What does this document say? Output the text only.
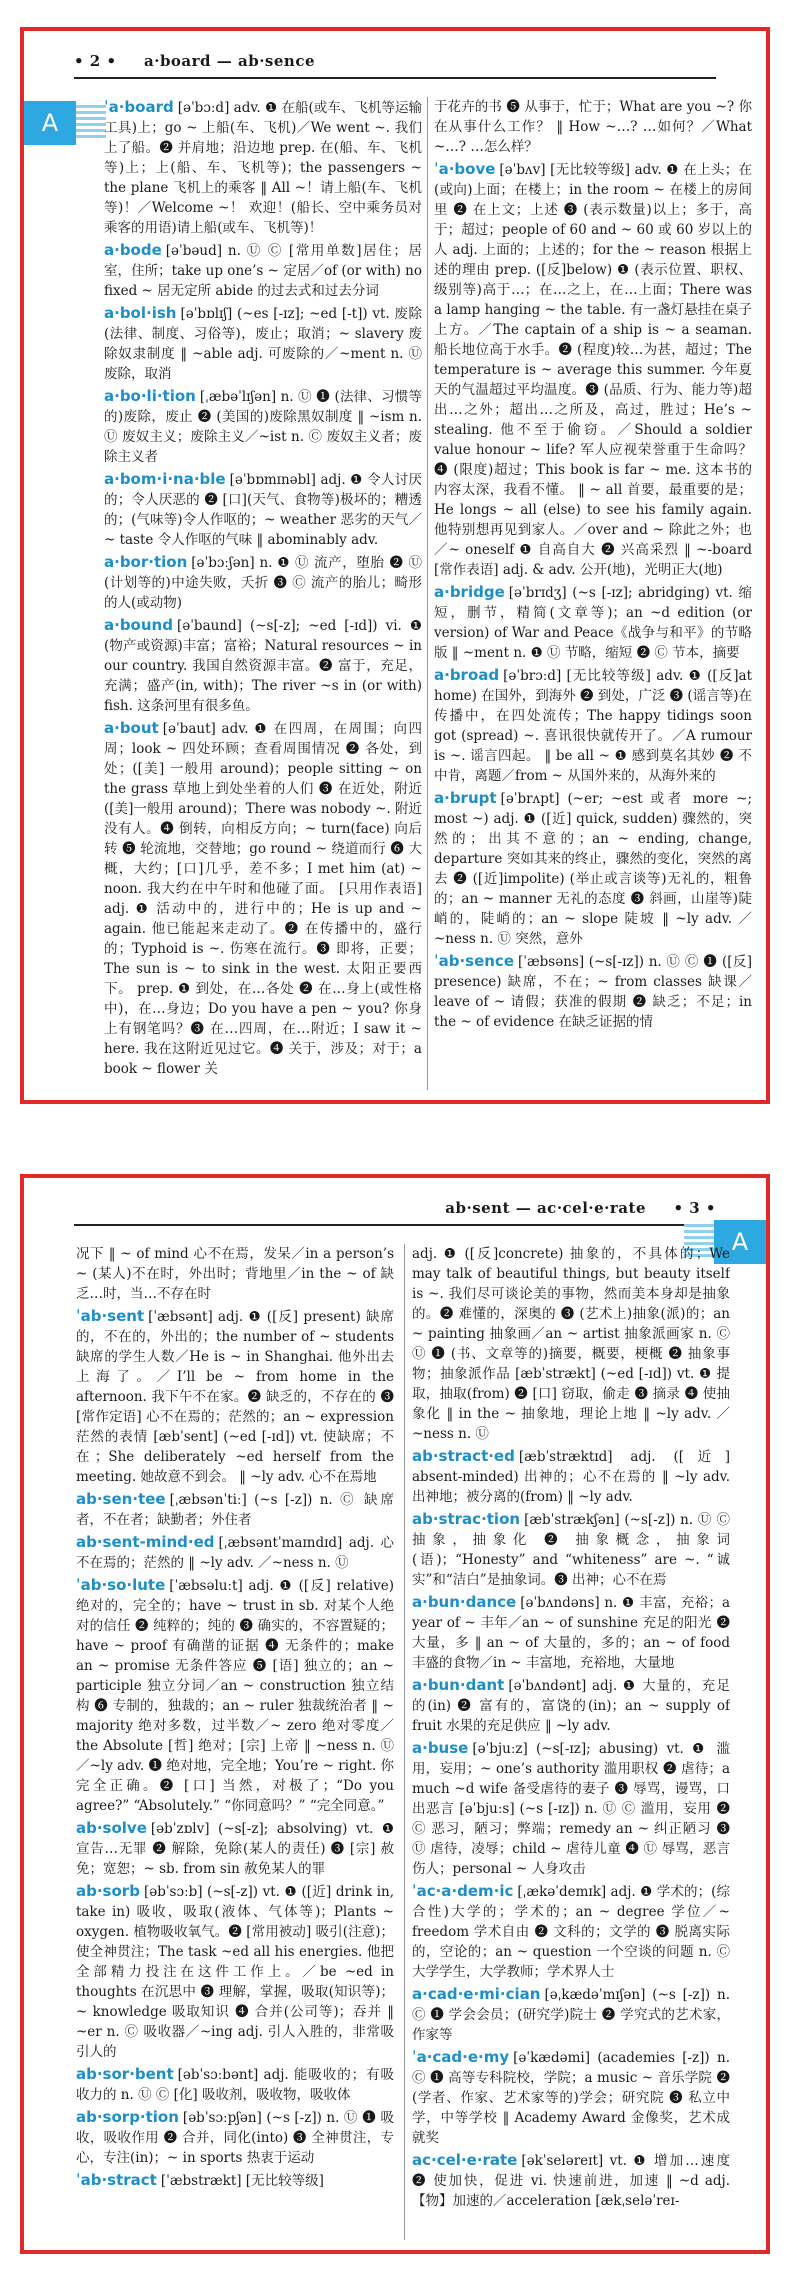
• 2 • a·board — ab·sence
A

ˈa·board [əˈbɔːd] adv. ❶ 在船(或车、飞机等运输工具)上；go ~ 上船(车、飞机)／We went ~. 我们上了船。❷ 并肩地；沿边地 prep. 在(船、车、飞机等)上；上(船、车、飞机等)；the passengers ~ the plane 飞机上的乘客 ‖ All ~！请上船(车、飞机等)！／Welcome ~！ 欢迎！(船长、空中乘务员对乘客的用语)请上船(或车、飞机等)！

a·bode [əˈbəud] n. Ⓤ Ⓒ [常用单数]居住；居室，住所；take up one’s ~ 定居／of (or with) no fixed ~ 居无定所 abide 的过去式和过去分词

a·bol·ish [əˈbɒlɪʃ] (~es [-ɪz]; ~ed [-t]) vt. 废除(法律、制度、习俗等)，废止；取消；~ slavery 废除奴隶制度 ‖ ~able adj. 可废除的／~ment n. Ⓤ 废除，取消

a·bo·li·tion [ˌæbəˈlɪʃən] n. Ⓤ ❶ (法律、习惯等的)废除，废止 ❷ (美国的)废除黑奴制度 ‖ ~ism n. Ⓤ 废奴主义；废除主义／~ist n. Ⓒ 废奴主义者；废除主义者

a·bom·i·na·ble [əˈbɒmɪnəbl] adj. ❶ 令人讨厌的；令人厌恶的 ❷ [口](天气、食物等)极坏的；糟透的；(气味等)令人作呕的；~ weather 恶劣的天气／~ taste 令人作呕的气味 ‖ abominably adv.

a·bor·tion [əˈbɔːʃən] n. ❶ Ⓤ 流产，堕胎 ❷ Ⓤ (计划等的)中途失败，夭折 ❸ Ⓒ 流产的胎儿；畸形的人(或动物)

a·bound [əˈbaund] (~s[-z]; ~ed [-ɪd]) vi. ❶ (物产或资源)丰富；富裕；Natural resources ~ in our country. 我国自然资源丰富。❷ 富于，充足，充满；盛产(in, with)；The river ~s in (or with) fish. 这条河里有很多鱼。

a·bout [əˈbaut] adv. ❶ 在四周，在周围；向四周；look ~ 四处环顾；查看周围情况 ❷ 各处，到处；([美] 一般用 around)；people sitting ~ on the grass 草地上到处坐着的人们 ❸ 在近处，附近([美]一般用 around)；There was nobody ~. 附近没有人。❹ 倒转，向相反方向；~ turn(face) 向后转 ❺ 轮流地，交替地；go round ~ 绕道而行 ❻ 大概，大约；[口]几乎，差不多；I met him (at) ~ noon. 我大约在中午时和他碰了面。 [只用作表语] adj. ❶ 活动中的，进行中的；He is up and ~ again. 他已能起来走动了。❷ 在传播中的，盛行的；Typhoid is ~. 伤寒在流行。❸ 即将，正要；The sun is ~ to sink in the west. 太阳正要西下。 prep. ❶ 到处，在…各处 ❷ 在…身上(或性格中)，在…身边；Do you have a pen ~ you? 你身上有钢笔吗？❸ 在…四周，在…附近；I saw it ~ here. 我在这附近见过它。❹ 关于，涉及；对于；a book ~ flower 关

于花卉的书 ❺ 从事于，忙于；What are you ~? 你在从事什么工作？ ‖ How ~…? …如何？／What ~…? …怎么样？

ˈa·bove [əˈbʌv] [无比较等级] adv. ❶ 在上头；在(或向)上面；在楼上；in the room ~ 在楼上的房间里 ❷ 在上文；上述 ❸ (表示数量)以上；多于，高于；超过；people of 60 and ~ 60 或 60 岁以上的人 adj. 上面的；上述的；for the ~ reason 根据上述的理由 prep. ([反]below) ❶ (表示位置、职权、级别等)高于…；在…之上，在…上面；There was a lamp hanging ~ the table. 有一盏灯悬挂在桌子上方。／The captain of a ship is ~ a seaman. 船长地位高于水手。❷ (程度)较…为甚，超过；The temperature is ~ average this summer. 今年夏天的气温超过平均温度。❸ (品质、行为、能力等)超出…之外；超出…之所及，高过，胜过；He’s ~ stealing. 他不至于偷窃。／Should a soldier value honour ~ life? 军人应视荣誉重于生命吗？❹ (限度)超过；This book is far ~ me. 这本书的内容太深，我看不懂。 ‖ ~ all 首要，最重要的是；He longs ~ all (else) to see his family again. 他特别想再见到家人。／over and ~ 除此之外；也／~ oneself ❶ 自高自大 ❷ 兴高采烈 ‖ ~-board [常作表语] adj. & adv. 公开(地)，光明正大(地)

a·bridge [əˈbrɪdʒ] (~s [-ɪz]; abridging) vt. 缩短，删节，精简(文章等)；an ~d edition (or version) of War and Peace《战争与和平》的节略版 ‖ ~ment n. ❶ Ⓤ 节略，缩短 ❷ Ⓒ 节本，摘要

a·broad [əˈbrɔːd] [无比较等级] adv. ❶ ([反]at home) 在国外，到海外 ❷ 到处，广泛 ❸ (谣言等)在传播中，在四处流传；The happy tidings soon got (spread) ~. 喜讯很快就传开了。／A rumour is ~. 谣言四起。 ‖ be all ~ ❶ 感到莫名其妙 ❷ 不中肯，离题／from ~ 从国外来的，从海外来的

a·brupt [əˈbrʌpt] (~er; ~est 或者 more ~; most ~) adj. ❶ ([近] quick, sudden) 骤然的，突然的；出其不意的；an ~ ending, change, departure 突如其来的终止，骤然的变化，突然的离去 ❷ ([近]impolite) (举止或言谈等)无礼的，粗鲁的；an ~ manner 无礼的态度 ❸ 斜画，山崖等)陡峭的，陡峭的；an ~ slope 陡坡 ‖ ~ly adv. ／~ness n. Ⓤ 突然，意外

ˈab·sence [ˈæbsəns] (~s[-ɪz]) n. Ⓤ Ⓒ ❶ ([反] presence) 缺席，不在；~ from classes 缺课／leave of ~ 请假；获准的假期 ❷ 缺乏；不足；in the ~ of evidence 在缺乏证据的情

ab·sent — ac·cel·e·rate • 3 •
A

况下 ‖ ~ of mind 心不在焉，发呆／in a person’s ~ (某人)不在时，外出时；背地里／in the ~ of 缺乏…时，当…不存在时

ˈab·sent [ˈæbsənt] adj. ❶ ([反] present) 缺席的，不在的，外出的；the number of ~ students 缺席的学生人数／He is ~ in Shanghai. 他外出去上海了。／I’ll be ~ from home in the afternoon. 我下午不在家。❷ 缺乏的，不存在的 ❸ [常作定语] 心不在焉的；茫然的；an ~ expression 茫然的表情 [æbˈsent] (~ed [-ɪd]) vt. 使缺席；不在；She deliberately ~ed herself from the meeting. 她故意不到会。 ‖ ~ly adv. 心不在焉地

ab·sen·tee [ˌæbsənˈtiː] (~s [-z]) n. Ⓒ 缺席者，不在者；缺勤者；外住者

ab·sent-mind·ed [ˌæbsəntˈmaɪndɪd] adj. 心不在焉的；茫然的 ‖ ~ly adv. ／~ness n. Ⓤ

ˈab·so·lute [ˈæbsəluːt] adj. ❶ ([反] relative) 绝对的，完全的；have ~ trust in sb. 对某个人绝对的信任 ❷ 纯粹的；纯的 ❸ 确实的，不容置疑的；have ~ proof 有确凿的证据 ❹ 无条件的；make an ~ promise 无条件答应 ❺ [语] 独立的；an ~ participle 独立分词／an ~ construction 独立结构 ❻ 专制的，独裁的；an ~ ruler 独裁统治者 ‖ ~ majority 绝对多数，过半数／~ zero 绝对零度／the Absolute [哲] 绝对；[宗] 上帝 ‖ ~ness n. Ⓤ／~ly adv. ❶ 绝对地，完全地；You’re ~ right. 你完全正确。❷ [口] 当然，对极了；“Do you agree?” “Absolutely.” “你同意吗？” “完全同意。”

ab·solve [əbˈzɒlv] (~s[-z]; absolving) vt. ❶ 宣告…无罪 ❷ 解除，免除(某人的责任) ❸ [宗] 赦免；宽恕；~ sb. from sin 赦免某人的罪

ab·sorb [əbˈsɔːb] (~s[-z]) vt. ❶ ([近] drink in, take in) 吸收，吸取(液体、气体等)；Plants ~ oxygen. 植物吸收氧气。❷ [常用被动] 吸引(注意)；使全神贯注；The task ~ed all his energies. 他把全部精力投注在这件工作上。／be ~ed in thoughts 在沉思中 ❸ 理解，掌握，吸取(知识等)；~ knowledge 吸取知识 ❹ 合并(公司等)；吞并 ‖ ~er n. Ⓒ 吸收器／~ing adj. 引人入胜的，非常吸引人的

ab·sor·bent [əbˈsɔːbənt] adj. 能吸收的；有吸收力的 n. Ⓤ Ⓒ [化] 吸收剂，吸收物，吸收体

ab·sorp·tion [əbˈsɔːpʃən] (~s [-z]) n. Ⓤ ❶ 吸收，吸收作用 ❷ 合并，同化(into) ❸ 全神贯注，专心，专注(in)；~ in sports 热衷于运动

ˈab·stract [ˈæbstrækt] [无比较等级]

adj. ❶ ([反]concrete) 抽象的，不具体的；We may talk of beautiful things, but beauty itself is ~. 我们尽可谈论美的事物，然而美本身却是抽象的。❷ 难懂的，深奥的 ❸ (艺术上)抽象(派)的；an ~ painting 抽象画／an ~ artist 抽象派画家 n. Ⓒ Ⓤ ❶ (书、文章等的)摘要，概要，梗概 ❷ 抽象事物；抽象派作品 [æbˈstrækt] (~ed [-ɪd]) vt. ❶ 提取，抽取(from) ❷ [口] 窃取，偷走 ❸ 摘录 ❹ 使抽象化 ‖ in the ~ 抽象地，理论上地 ‖ ~ly adv. ／~ness n. Ⓤ

ab·stract·ed [æbˈstræktɪd] adj. ([近] absent-minded) 出神的；心不在焉的 ‖ ~ly adv. 出神地；被分离的(from) ‖ ~ly adv.

ab·strac·tion [æbˈstrækʃən] (~s[-z]) n. Ⓤ Ⓒ 抽象，抽象化 ❷ 抽象概念，抽象词(语)；“Honesty” and “whiteness” are ~. “诚实”和“洁白”是抽象词。❸ 出神；心不在焉

a·bun·dance [əˈbʌndəns] n. ❶ 丰富，充裕；a year of ~ 丰年／an ~ of sunshine 充足的阳光 ❷ 大量，多 ‖ an ~ of 大量的，多的；an ~ of food 丰盛的食物／in ~ 丰富地，充裕地，大量地

a·bun·dant [əˈbʌndənt] adj. ❶ 大量的，充足的(in) ❷ 富有的，富饶的(in)；an ~ supply of fruit 水果的充足供应 ‖ ~ly adv.

a·buse [əˈbjuːz] (~s[-ɪz]; abusing) vt. ❶ 滥用，妄用；~ one’s authority 滥用职权 ❷ 虐待；a much ~d wife 备受虐待的妻子 ❸ 辱骂，谩骂，口出恶言 [əˈbjuːs] (~s [-ɪz]) n. Ⓤ Ⓒ 滥用，妄用 ❷ Ⓒ 恶习，陋习；弊端；remedy an ~ 纠正陋习 ❸ Ⓤ 虐待，凌辱；child ~ 虐待儿童 ❹ Ⓤ 辱骂，恶言伤人；personal ~ 人身攻击

ˈac·a·dem·ic [ˌækəˈdemɪk] adj. ❶ 学术的；(综合性)大学的；学术的；an ~ degree 学位／~ freedom 学术自由 ❷ 文科的；文学的 ❸ 脱离实际的，空论的；an ~ question 一个空谈的问题 n. Ⓒ 大学学生，大学教师；学术界人士

a·cad·e·mi·cian [əˌkædəˈmɪʃən] (~s [-z]) n. Ⓒ ❶ 学会会员；(研究学)院士 ❷ 学究式的艺术家，作家等

ˈa·cad·e·my [əˈkædəmi] (academies [-z]) n. Ⓒ ❶ 高等专科院校，学院；a music ~ 音乐学院 ❷ (学者、作家、艺术家等的)学会；研究院 ❸ 私立中学，中等学校 ‖ Academy Award 金像奖，艺术成就奖

ac·cel·e·rate [əkˈseləreɪt] vt. ❶ 增加…速度 ❷ 使加快，促进 vi. 快速前进，加速 ‖ ~d adj. 【物】加速的／acceleration [ækˌseləˈreɪ-
